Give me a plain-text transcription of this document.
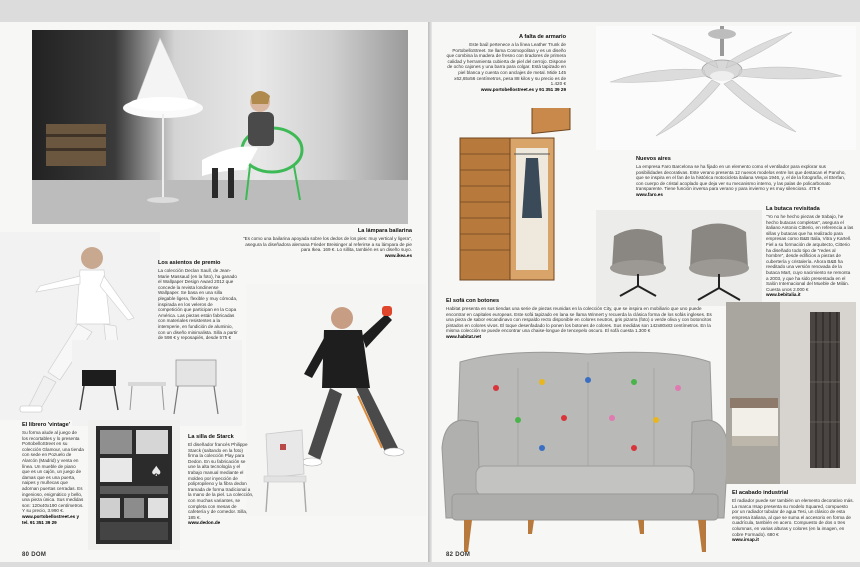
La lámpara bailarina

"Es como una bailarina apoyada sobre los dedos de los pies: muy vertical y ligera", asegura la diseñadora alemana Frieder Breisinger al referirse a su lámpara de pie para Ikea. 169 €. Lo sillita, también es un diseño suyo.

www.ikea.es

Los asientos de premio

La colección Declan Saull, de Jean-Marie Massaud (en la foto), ha ganado el Wallpaper Design Award 2012 que concede la revista londinense Wallpaper. Se basa en una silla plegable ligera, flexible y muy cómoda, inspirada en los veleros de competición que participan en la Copa América. Las piezas están fabricadas con materiales resistentes a la intemperie, en fundición de aluminio, con un diseño minimalista. Silla a partir de 598 € y reposapiés, desde 575 €

El librero 'vintage'

Su forma alude al juego de los recortables y lo presenta PortobelloStreet en su colección Glamour, una tienda con sede en Pozuelo de Alarcón (Madrid) y venta en línea. Un mueble de piano que es un cajón, un juego de damas que es una puerta, naipes y muñecas que adornan puertas cerradas. Es ingenioso, enigmático y bello, una pieza única. Sus medidas son: 120x40x190 centímetros. Y su precio, 3.990 €.

www.portobellostreet.es y tel. 91 351 39 29

♠
La silla de Starck

El diseñador francés Philippe Starck (saltando en la foto) firma la colección Play para Dedon. En su fabricación se une la alta tecnología y el trabajo manual mediante el moldeo por inyección de polipropileno y la fibra dedon tramada de forma tradicional a la mano de la piel. La colección, con muchas variantes, se completa con mesas de cafetería y de comedor. Silla, 185 €.

www.dedon.de

80 DOM
A falta de armario

Este baúl pertenece a la línea Leather Trunk de PortobelloStreet. Se llama Cosmopolitan y es un diseño que combina la madera de fresno con tiradores de primera calidad y herramienta cubierta de piel del cerrojo. Dispone de ocho cajones y una barra para colgar. Está tapizado en piel blanca y cuenta con anclajes de metal. Mide 145 x62,65x56 centímetros, pesa 88 kilos y su precio es de 1.420 €

www.portobellostreet.es y 91 351 39 29

Nuevos aires

La empresa Faro Barcelona se ha fijado en un elemento como el ventilador para explorar sus posibilidades decorativas. Este verano presenta 12 nuevos modelos entre los que destacan el Panoho, que se inspira en el fan de la histórica motocicleta italiana Vespa 1946, y, el de la fotografía, el Eterfan, con cuerpo de cristal acoplado que deja ver su mecanismo interno, y las palas de policarbonato transparente. Tiene función inversa para verano y para invierno y es muy silencioso. 475 €

www.faro.es

La butaca revisitada

"Yo no he hecho piezas de trabajo, he hecho butacas completas", asegura el italiano Antonio Citterio, en referencia a las sillas y butacas que ha realizado para empresas como B&B Italia, Vitra y Kartell. Fiel a su formación de arquitecto, Citterio ha diseñado todo tipo de "redes al hombre", desde edificios a piezas de cubertería y cristalería. Ahora B&B ha reeditado una versión renovada de la butaca Mart, cuyo nacimiento se remonta a 2003, y que ha sido presentada en el Salón Internacional del Mueble de Milán. Cuesta unos 2.000 €

www.bebitalia.it

El sofá con botones

Habitat presenta en sus tiendas una serie de piezas reunidas en la colección City, que se inspira en mobiliario que uno puede encontrar en capitales europeas. Este sofá tapizado en lana se llama Winnert y recuerda la clásica forma de los sofás ingleses. Es una pieza de sabor escandinavo con respaldo recto disponible en colores neutros, gris pizarra (foto) o verde oliva y con botoncitos pintados en colores vivos. El toque desenfadado lo ponen los botones de colores. Sus medidas son 142x80x83 centímetros. En la misma colección se puede encontrar una chaise-longue de tencepelo oscuro. El sofá cuesta 1.300 €

www.habitat.net

El acabado industrial

El radiador puede ser también un elemento decorativo más. La marca Irsap presenta su modelo Squared, compuesto por un radiador tubular de agua Tesi, un clásico de esta empresa italiana, al que se suma el accesorio en forma de cuadrícula, también en acero. Compuesto de dos o tres columnas, en varias alturas y colores (en la imagen, en cobre Formado). 680 €

www.irsap.it

82 DOM
